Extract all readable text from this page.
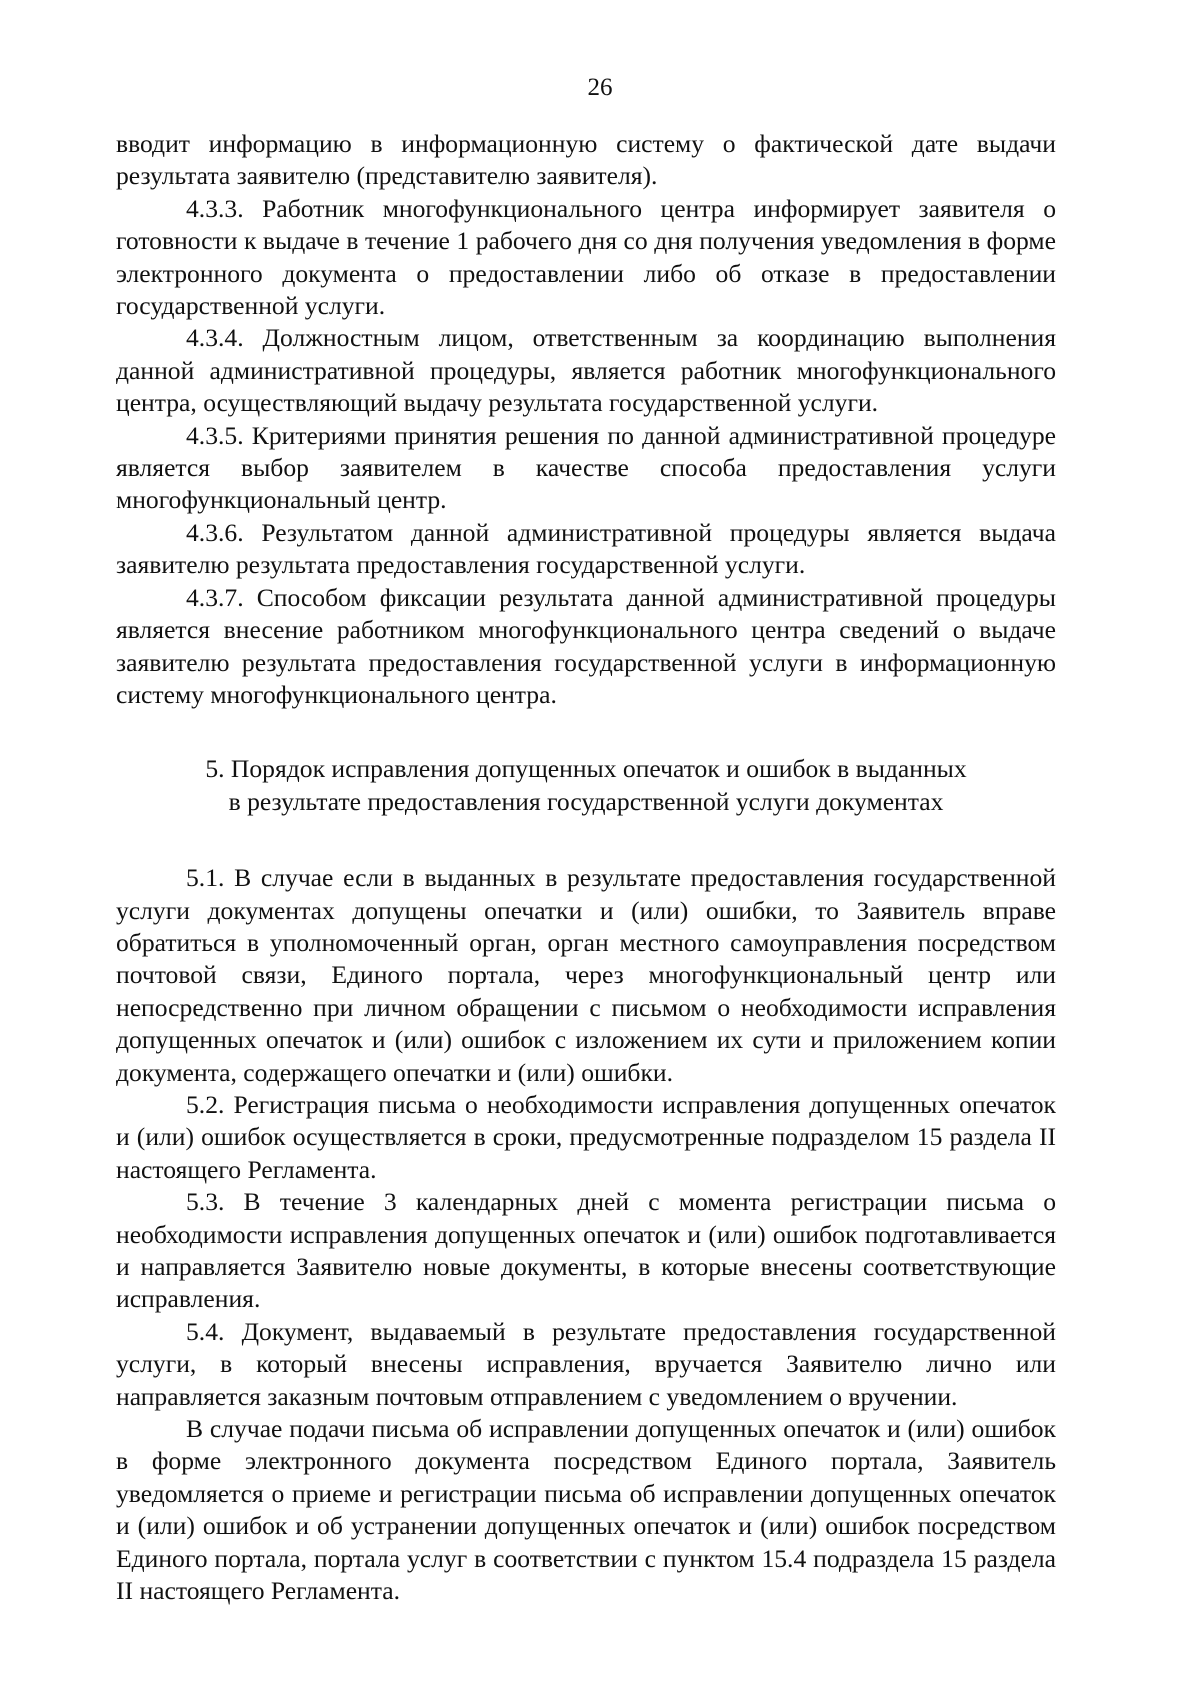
26

вводит информацию в информационную систему о фактической дате выдачи результата заявителю (представителю заявителя).

4.3.3. Работник многофункционального центра информирует заявителя о готовности к выдаче в течение 1 рабочего дня со дня получения уведомления в форме электронного документа о предоставлении либо об отказе в предоставлении государственной услуги.

4.3.4. Должностным лицом, ответственным за координацию выполнения данной административной процедуры, является работник многофункционального центра, осуществляющий выдачу результата государственной услуги.

4.3.5. Критериями принятия решения по данной административной процедуре является выбор заявителем в качестве способа предоставления услуги многофункциональный центр.

4.3.6. Результатом данной административной процедуры является выдача заявителю результата предоставления государственной услуги.

4.3.7. Способом фиксации результата данной административной процедуры является внесение работником многофункционального центра сведений о выдаче заявителю результата предоставления государственной услуги в информационную систему многофункционального центра.

5. Порядок исправления допущенных опечаток и ошибок в выданных
в результате предоставления государственной услуги документах

5.1. В случае если в выданных в результате предоставления государственной услуги документах допущены опечатки и (или) ошибки, то Заявитель вправе обратиться в уполномоченный орган, орган местного самоуправления посредством почтовой связи, Единого портала, через многофункциональный центр или непосредственно при личном обращении с письмом о необходимости исправления допущенных опечаток и (или) ошибок с изложением их сути и приложением копии документа, содержащего опечатки и (или) ошибки.

5.2. Регистрация письма о необходимости исправления допущенных опечаток и (или) ошибок осуществляется в сроки, предусмотренные подразделом 15 раздела II настоящего Регламента.

5.3. В течение 3 календарных дней с момента регистрации письма о необходимости исправления допущенных опечаток и (или) ошибок подготавливается и направляется Заявителю новые документы, в которые внесены соответствующие исправления.

5.4. Документ, выдаваемый в результате предоставления государственной услуги, в который внесены исправления, вручается Заявителю лично или направляется заказным почтовым отправлением с уведомлением о вручении.

В случае подачи письма об исправлении допущенных опечаток и (или) ошибок в форме электронного документа посредством Единого портала, Заявитель уведомляется о приеме и регистрации письма об исправлении допущенных опечаток и (или) ошибок и об устранении допущенных опечаток и (или) ошибок посредством Единого портала, портала услуг в соответствии с пунктом 15.4 подраздела 15 раздела II настоящего Регламента.
